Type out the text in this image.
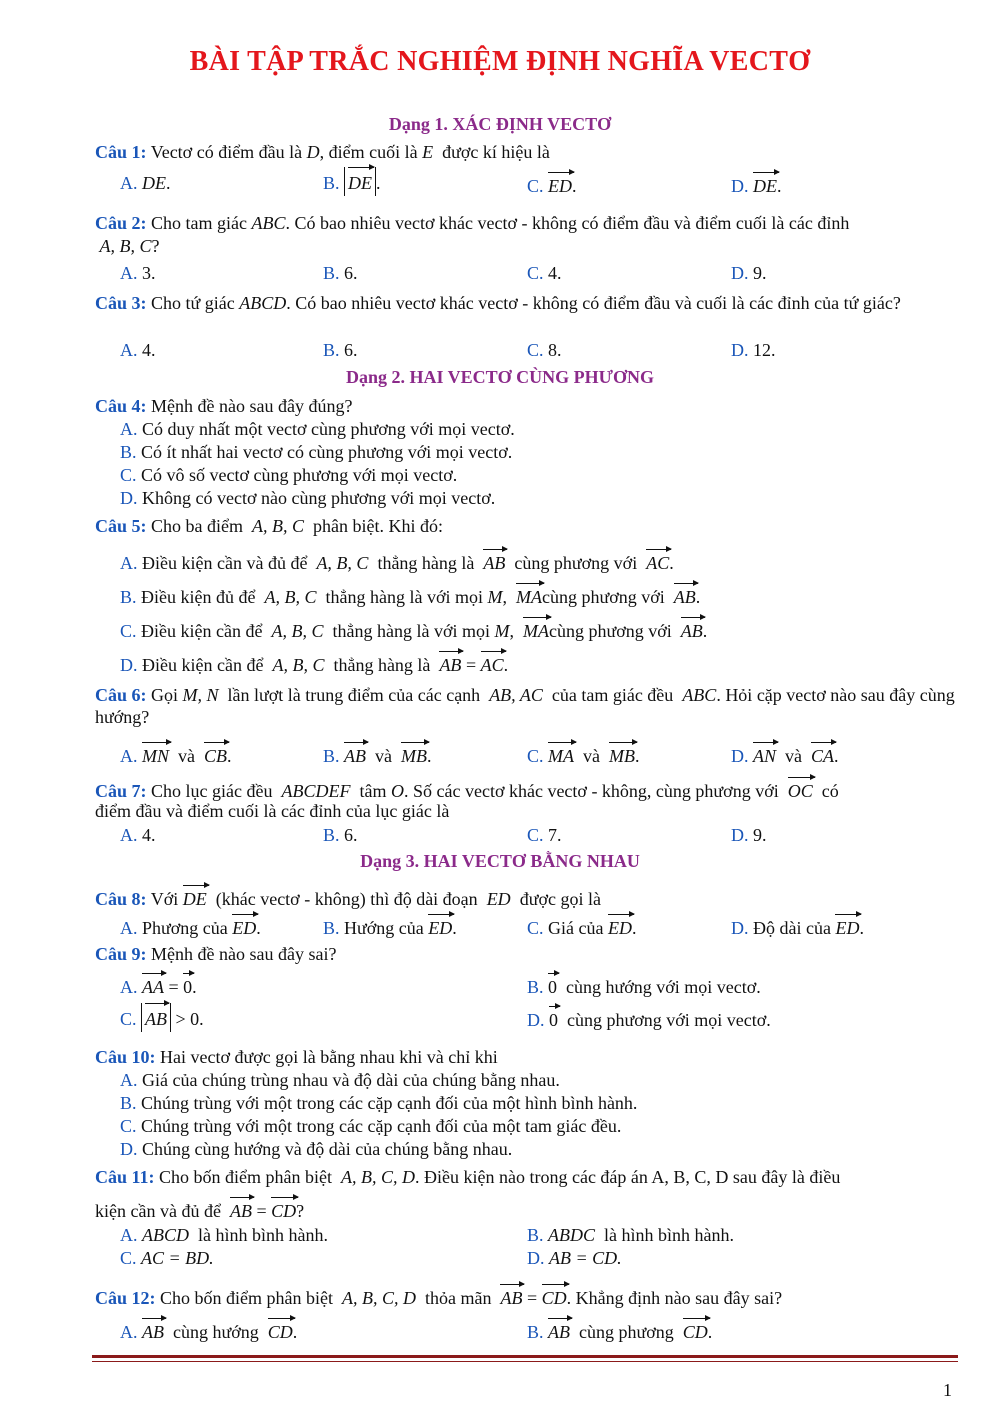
BÀI TẬP TRẮC NGHIỆM ĐỊNH NGHĨA VECTƠ
Dạng 1. XÁC ĐỊNH VECTƠ
Câu 1: Vectơ có điểm đầu là D, điểm cuối là E được kí hiệu là
A. DE.	B. DE .	C. ED.	D. DE.
Câu 2: Cho tam giác ABC. Có bao nhiêu vectơ khác vectơ - không có điểm đầu và điểm cuối là các đỉnh
A, B, C?
A. 3.	B. 6.	C. 4.	D. 9.
Câu 3: Cho tứ giác ABCD. Có bao nhiêu vectơ khác vectơ - không có điểm đầu và cuối là các đỉnh của tứ giác?
A. 4.	B. 6.	C. 8.	D. 12.
Dạng 2. HAI VECTƠ CÙNG PHƯƠNG
Câu 4: Mệnh đề nào sau đây đúng?
A. Có duy nhất một vectơ cùng phương với mọi vectơ.
B. Có ít nhất hai vectơ có cùng phương với mọi vectơ.
C. Có vô số vectơ cùng phương với mọi vectơ.
D. Không có vectơ nào cùng phương với mọi vectơ.
Câu 5: Cho ba điểm A, B, C phân biệt. Khi đó:
A. Điều kiện cần và đủ để A, B, C thẳng hàng là AB cùng phương với AC.
B. Điều kiện đủ để A, B, C thẳng hàng là với mọi M,  MAcùng phương với AB.
C. Điều kiện cần để A, B, C thẳng hàng là với mọi M,  MAcùng phương với AB.
D. Điều kiện cần để A, B, C thẳng hàng là AB = AC.
Câu 6: Gọi M, N lần lượt là trung điểm của các cạnh AB, AC của tam giác đều ABC. Hỏi cặp vectơ nào sau đây cùng hướng?
A. MN và CB.	B. AB và MB.	C. MA và MB.	D. AN và CA.
Câu 7: Cho lục giác đều ABCDEF tâm O. Số các vectơ khác vectơ - không, cùng phương với OC có
điểm đầu và điểm cuối là các đỉnh của lục giác là
A. 4.	B. 6.	C. 7.	D. 9.
Dạng 3. HAI VECTƠ BẰNG NHAU
Câu 8: Với DE (khác vectơ - không) thì độ dài đoạn ED được gọi là
A. Phương của ED.	B. Hướng của ED.	C. Giá của ED.	D. Độ dài của ED.
Câu 9: Mệnh đề nào sau đây sai?
A. AA = 0.	B. 0 cùng hướng với mọi vectơ.
C. AB > 0.	D. 0 cùng phương với mọi vectơ.
Câu 10: Hai vectơ được gọi là bằng nhau khi và chỉ khi
A. Giá của chúng trùng nhau và độ dài của chúng bằng nhau.
B. Chúng trùng với một trong các cặp cạnh đối của một hình bình hành.
C. Chúng trùng với một trong các cặp cạnh đối của một tam giác đều.
D. Chúng cùng hướng và độ dài của chúng bằng nhau.
Câu 11: Cho bốn điểm phân biệt A, B, C, D. Điều kiện nào trong các đáp án A, B, C, D sau đây là điều
kiện cần và đủ để AB = CD?
A. ABCD là hình bình hành.	B. ABDC là hình bình hành.
C. AC = BD.	D. AB = CD.
Câu 12: Cho bốn điểm phân biệt A, B, C, D thỏa mãn AB = CD. Khẳng định nào sau đây sai?
A. AB cùng hướng CD.	B. AB cùng phương CD.
1
